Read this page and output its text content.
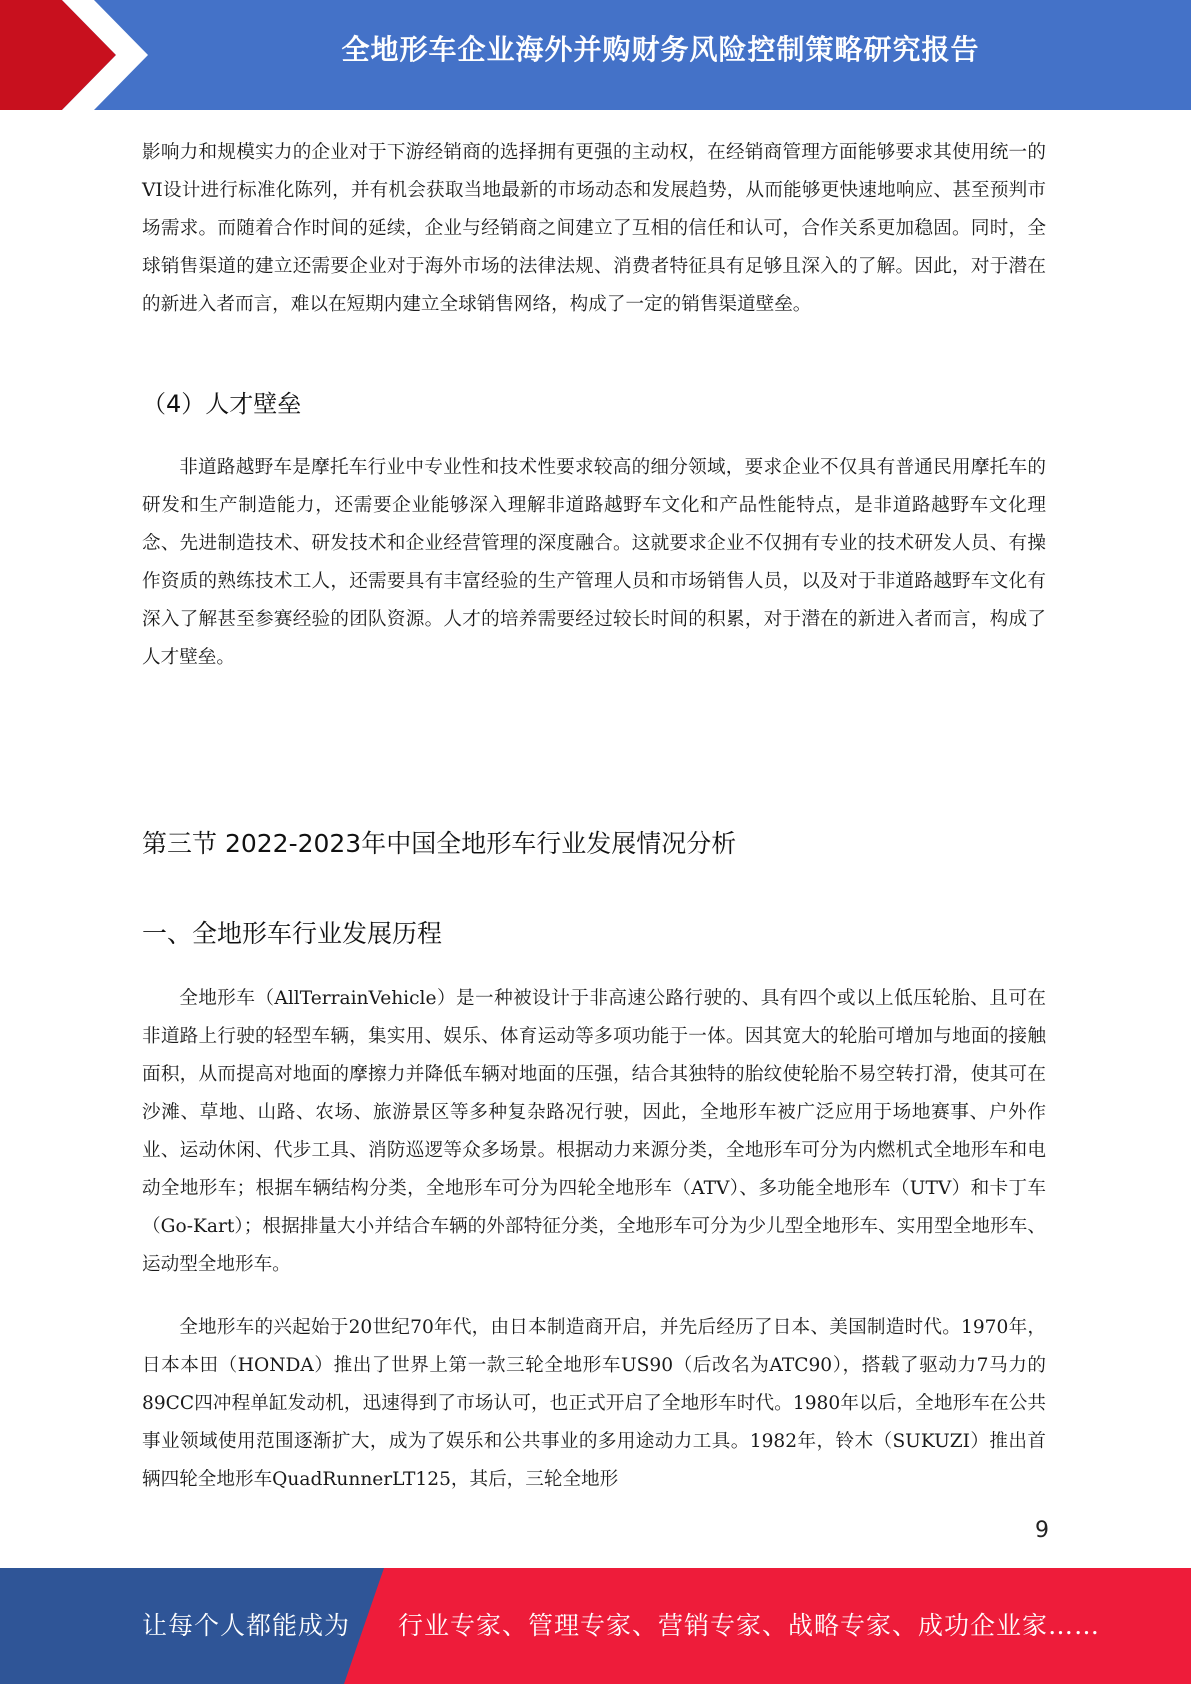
全地形车企业海外并购财务风险控制策略研究报告

影响力和规模实力的企业对于下游经销商的选择拥有更强的主动权，在经销商管理方面能够要求其使用统一的VI设计进行标准化陈列，并有机会获取当地最新的市场动态和发展趋势，从而能够更快速地响应、甚至预判市场需求。而随着合作时间的延续，企业与经销商之间建立了互相的信任和认可，合作关系更加稳固。同时，全球销售渠道的建立还需要企业对于海外市场的法律法规、消费者特征具有足够且深入的了解。因此，对于潜在的新进入者而言，难以在短期内建立全球销售网络，构成了一定的销售渠道壁垒。

（4）人才壁垒

非道路越野车是摩托车行业中专业性和技术性要求较高的细分领域，要求企业不仅具有普通民用摩托车的研发和生产制造能力，还需要企业能够深入理解非道路越野车文化和产品性能特点，是非道路越野车文化理念、先进制造技术、研发技术和企业经营管理的深度融合。这就要求企业不仅拥有专业的技术研发人员、有操作资质的熟练技术工人，还需要具有丰富经验的生产管理人员和市场销售人员，以及对于非道路越野车文化有深入了解甚至参赛经验的团队资源。人才的培养需要经过较长时间的积累，对于潜在的新进入者而言，构成了人才壁垒。

第三节 2022-2023年中国全地形车行业发展情况分析
一、全地形车行业发展历程

全地形车（AllTerrainVehicle）是一种被设计于非高速公路行驶的、具有四个或以上低压轮胎、且可在非道路上行驶的轻型车辆，集实用、娱乐、体育运动等多项功能于一体。因其宽大的轮胎可增加与地面的接触面积，从而提高对地面的摩擦力并降低车辆对地面的压强，结合其独特的胎纹使轮胎不易空转打滑，使其可在沙滩、草地、山路、农场、旅游景区等多种复杂路况行驶，因此，全地形车被广泛应用于场地赛事、户外作业、运动休闲、代步工具、消防巡逻等众多场景。根据动力来源分类，全地形车可分为内燃机式全地形车和电动全地形车；根据车辆结构分类，全地形车可分为四轮全地形车（ATV）、多功能全地形车（UTV）和卡丁车（Go-Kart）；根据排量大小并结合车辆的外部特征分类，全地形车可分为少儿型全地形车、实用型全地形车、运动型全地形车。

全地形车的兴起始于20世纪70年代，由日本制造商开启，并先后经历了日本、美国制造时代。1970年，日本本田（HONDA）推出了世界上第一款三轮全地形车US90（后改名为ATC90），搭载了驱动力7马力的89CC四冲程单缸发动机，迅速得到了市场认可，也正式开启了全地形车时代。1980年以后，全地形车在公共事业领域使用范围逐渐扩大，成为了娱乐和公共事业的多用途动力工具。1982年，铃木（SUKUZI）推出首辆四轮全地形车QuadRunnerLT125，其后，三轮全地形

9
让每个人都能成为 行业专家、管理专家、营销专家、战略专家、成功企业家……
